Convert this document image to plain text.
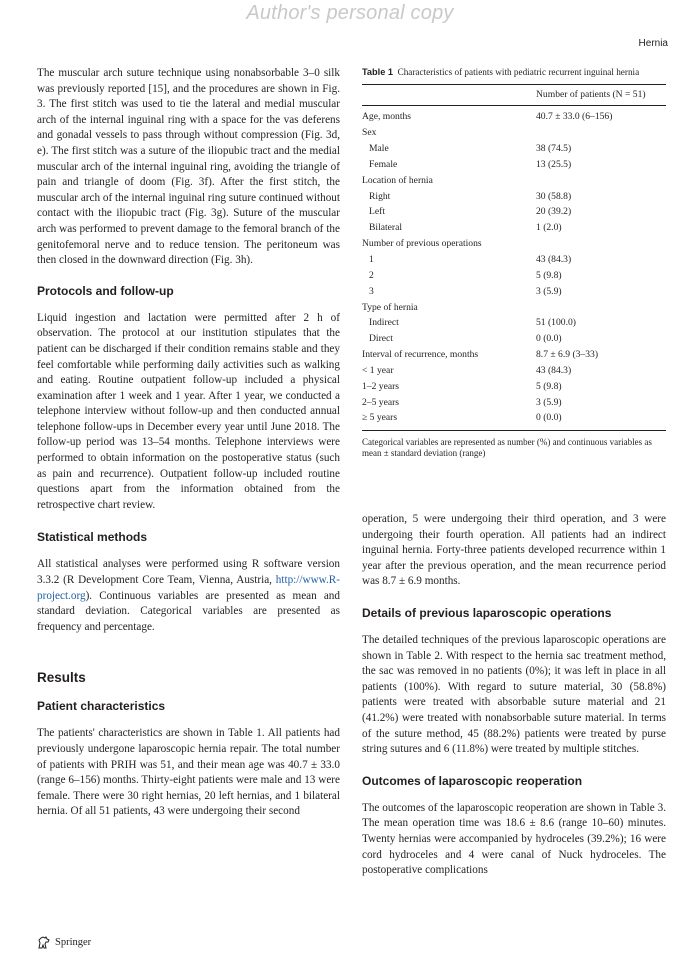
Author's personal copy
Hernia

The muscular arch suture technique using nonabsorbable 3–0 silk was previously reported [15], and the procedures are shown in Fig. 3. The first stitch was used to tie the lateral and medial muscular arch of the internal inguinal ring with a space for the vas deferens and gonadal vessels to pass through without compression (Fig. 3d, e). The first stitch was a suture of the iliopubic tract and the medial muscular arch of the internal inguinal ring, avoiding the triangle of pain and triangle of doom (Fig. 3f). After the first stitch, the muscular arch of the internal inguinal ring suture continued without contact with the iliopubic tract (Fig. 3g). Suture of the muscular arch was performed to prevent damage to the femoral branch of the genitofemoral nerve and to reduce tension. The peritoneum was then closed in the downward direction (Fig. 3h).

Protocols and follow‑up

Liquid ingestion and lactation were permitted after 2 h of observation. The protocol at our institution stipulates that the patient can be discharged if their condition remains stable and they feel comfortable while performing daily activities such as walking and eating. Routine outpatient follow-up included a physical examination after 1 week and 1 year. After 1 year, we conducted a telephone interview without follow-up and then conducted annual telephone follow-ups in December every year until June 2018. The follow-up period was 13–54 months. Telephone interviews were performed to obtain information on the postoperative status (such as pain and recurrence). Outpatient follow-up included routine questions apart from the information obtained from the retrospective chart review.

Statistical methods

All statistical analyses were performed using R software version 3.3.2 (R Development Core Team, Vienna, Austria, http://www.R-project.org). Continuous variables are presented as mean and standard deviation. Categorical variables are presented as frequency and percentage.

Results
Patient characteristics

The patients' characteristics are shown in Table 1. All patients had previously undergone laparoscopic hernia repair. The total number of patients with PRIH was 51, and their mean age was 40.7 ± 33.0 (range 6–156) months. Thirty-eight patients were male and 13 were female. There were 30 right hernias, 20 left hernias, and 1 bilateral hernia. Of all 51 patients, 43 were undergoing their second

Table 1 Characteristics of patients with pediatric recurrent inguinal hernia

Number of patients (N = 51)
Age, months	40.7 ± 33.0 (6–156)
Sex
Male	38 (74.5)
Female	13 (25.5)
Location of hernia
Right	30 (58.8)
Left	20 (39.2)
Bilateral	1 (2.0)
Number of previous operations
1	43 (84.3)
2	5 (9.8)
3	3 (5.9)
Type of hernia
Indirect	51 (100.0)
Direct	0 (0.0)
Interval of recurrence, months	8.7 ± 6.9 (3–33)
< 1 year	43 (84.3)
1–2 years	5 (9.8)
2–5 years	3 (5.9)
≥ 5 years	0 (0.0)
Categorical variables are represented as number (%) and continuous variables as mean ± standard deviation (range)

operation, 5 were undergoing their third operation, and 3 were undergoing their fourth operation. All patients had an indirect inguinal hernia. Forty-three patients developed recurrence within 1 year after the previous operation, and the mean recurrence period was 8.7 ± 6.9 months.

Details of previous laparoscopic operations

The detailed techniques of the previous laparoscopic operations are shown in Table 2. With respect to the hernia sac treatment method, the sac was removed in no patients (0%); it was left in place in all patients (100%). With regard to suture material, 30 (58.8%) patients were treated with absorbable suture material and 21 (41.2%) were treated with nonabsorbable suture material. In terms of the suture method, 45 (88.2%) patients were treated by purse string sutures and 6 (11.8%) were treated by multiple stitches.

Outcomes of laparoscopic reoperation

The outcomes of the laparoscopic reoperation are shown in Table 3. The mean operation time was 18.6 ± 8.6 (range 10–60) minutes. Twenty hernias were accompanied by hydroceles (39.2%); 16 were cord hydroceles and 4 were canal of Nuck hydroceles. The postoperative complications

Springer
